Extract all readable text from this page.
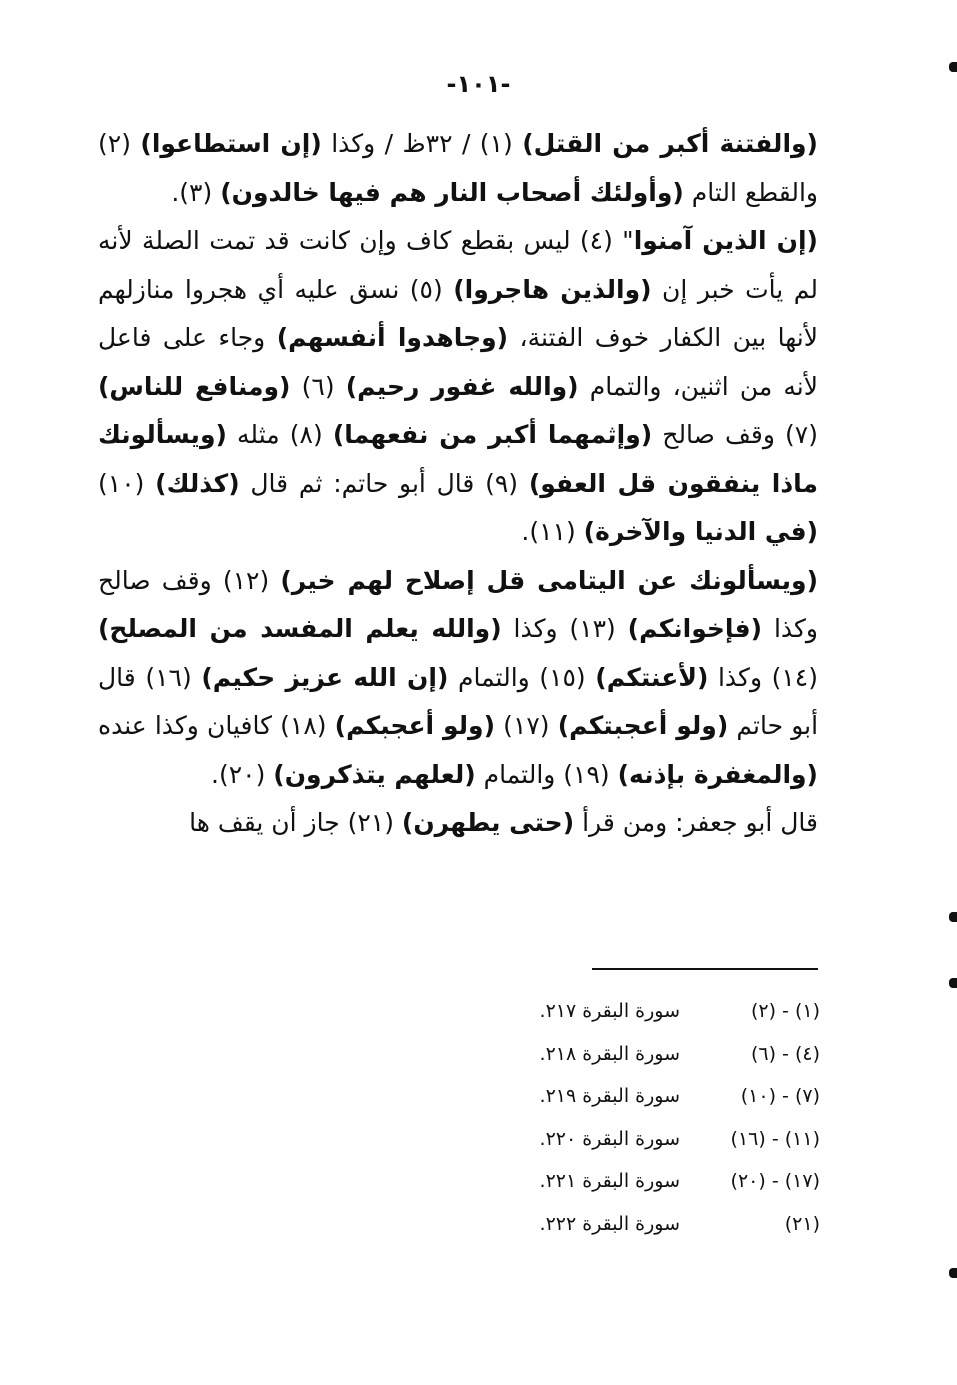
-١٠١-

(والفتنة أكبر من القتل) (١) / ٣٢ظ / وكذا (إن استطاعوا) (٢) والقطع التام (وأولئك أصحاب النار هم فيها خالدون) (٣).

(إن الذين آمنوا" (٤) ليس بقطع كاف وإن كانت قد تمت الصلة لأنه لم يأت خبر إن (والذين هاجروا) (٥) نسق عليه أي هجروا منازلهم لأنها بين الكفار خوف الفتنة، (وجاهدوا أنفسهم) وجاء على فاعل لأنه من اثنين، والتمام (والله غفور رحيم) (٦) (ومنافع للناس) (٧) وقف صالح (وإثمهما أكبر من نفعهما) (٨) مثله (ويسألونك ماذا ينفقون قل العفو) (٩) قال أبو حاتم: ثم قال (كذلك) (١٠) (في الدنيا والآخرة) (١١).

(ويسألونك عن اليتامى قل إصلاح لهم خير) (١٢) وقف صالح وكذا (فإخوانكم) (١٣) وكذا (والله يعلم المفسد من المصلح) (١٤) وكذا (لأعنتكم) (١٥) والتمام (إن الله عزيز حكيم) (١٦) قال أبو حاتم (ولو أعجبتكم) (١٧) (ولو أعجبكم) (١٨) كافيان وكذا عنده (والمغفرة بإذنه) (١٩) والتمام (لعلهم يتذكرون) (٢٠).

قال أبو جعفر: ومن قرأ (حتى يطهرن) (٢١) جاز أن يقف ها

(١) - (٢)
سورة البقرة ٢١٧.
(٤) - (٦)
سورة البقرة ٢١٨.
(٧) - (١٠)
سورة البقرة ٢١٩.
(١١) - (١٦)
سورة البقرة ٢٢٠.
(١٧) - (٢٠)
سورة البقرة ٢٢١.
(٢١)
سورة البقرة ٢٢٢.
